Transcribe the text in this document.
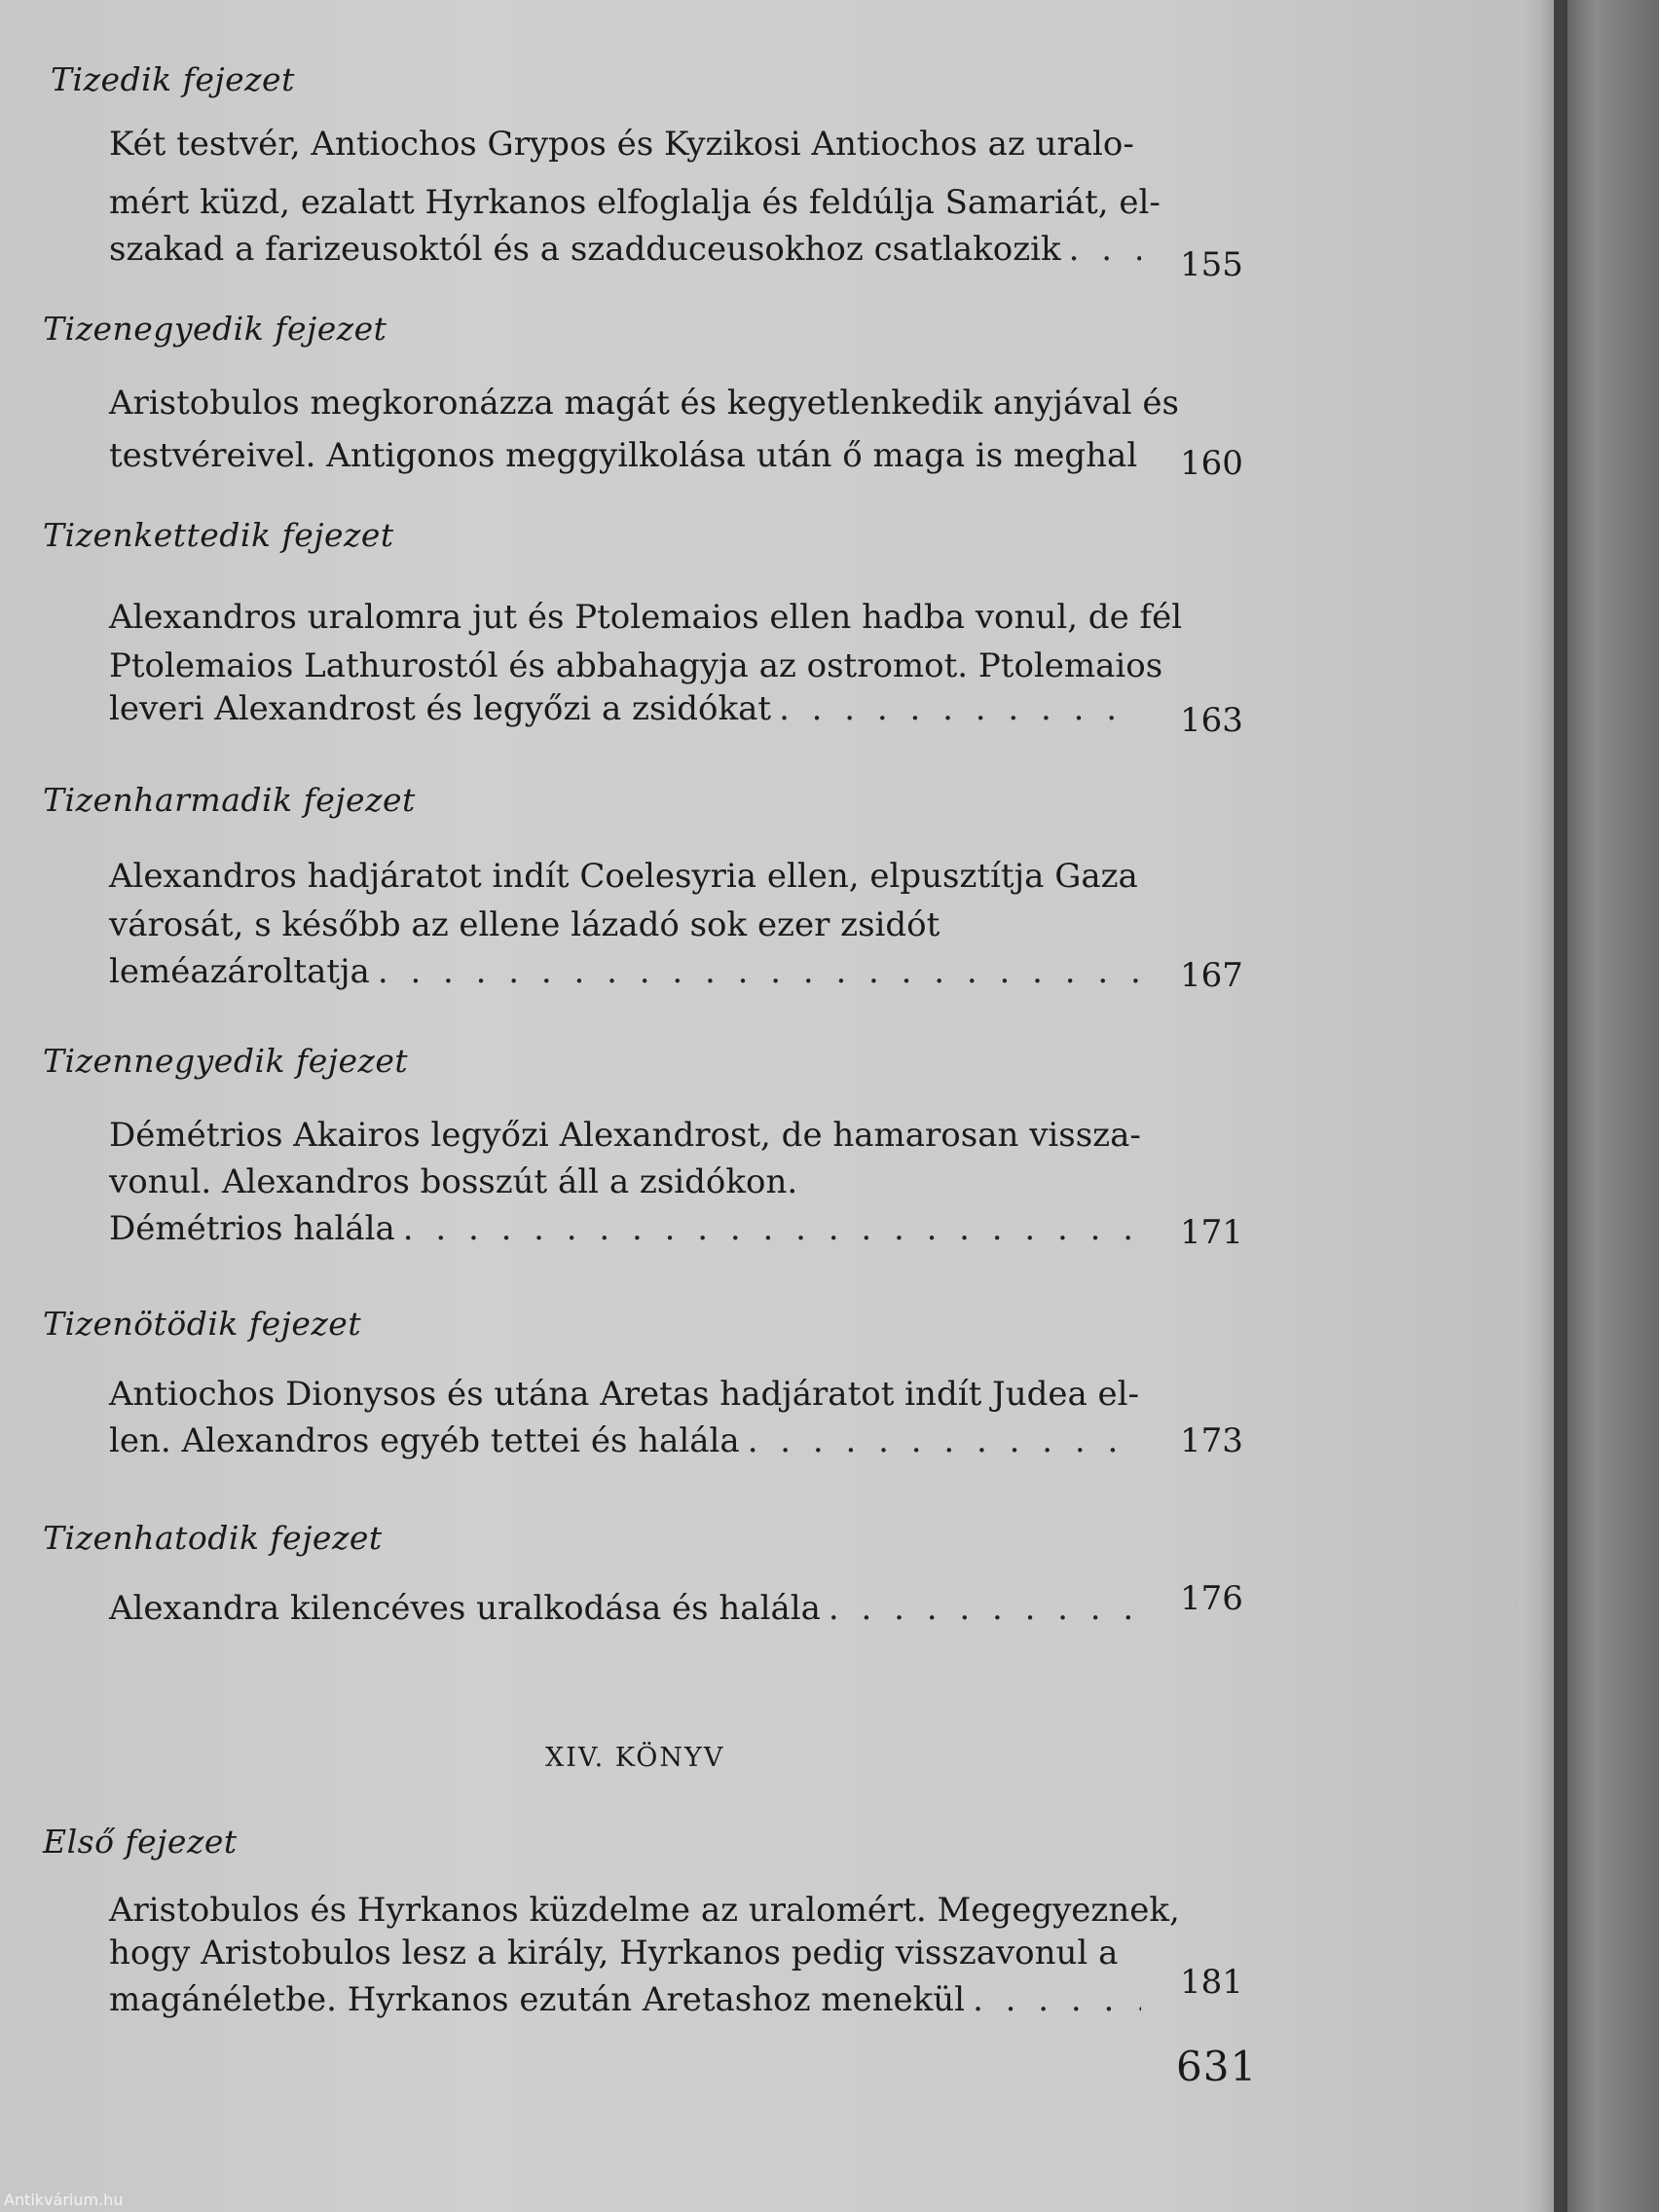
Tizedik fejezet
Két testvér, Antiochos Grypos és Kyzikosi Antiochos az uralo-
mért küzd, ezalatt Hyrkanos elfoglalja és feldúlja Samariát, el-
szakad a farizeusoktól és a szadduceusokhoz csatlakozik . . .	155
Tizenegyedik fejezet
Aristobulos megkoronázza magát és kegyetlenkedik anyjával és
testvéreivel. Antigonos meggyilkolása után ő maga is meghal 160
Tizenkettedik fejezet
Alexandros uralomra jut és Ptolemaios ellen hadba vonul, de fél
Ptolemaios Lathurostól és abbahagyja az ostromot. Ptolemaios
leveri Alexandrost és legyőzi a zsidókat . . .	163
Tizenharmadik fejezet
Alexandros hadjáratot indít Coelesyria ellen, elpusztítja Gaza
városát, s később az ellene lázadó sok ezer zsidót
leméazároltatja . . .	167
Tizennegyedik fejezet
Démétrios Akairos legyőzi Alexandrost, de hamarosan vissza-
vonul. Alexandros bosszút áll a zsidókon.
Démétrios halála . . .	171
Tizenötödik fejezet
Antiochos Dionysos és utána Aretas hadjáratot indít Judea el-
len. Alexandros egyéb tettei és halála . . .	173
Tizenhatodik fejezet
Alexandra kilencéves uralkodása és halála . . .	176
XIV. KÖNYV
Első fejezet
Aristobulos és Hyrkanos küzdelme az uralomért. Megegyeznek,
hogy Aristobulos lesz a király, Hyrkanos pedig visszavonul a
magánéletbe. Hyrkanos ezután Aretashoz menekül . . .	181
631
Antikvárium.hu
